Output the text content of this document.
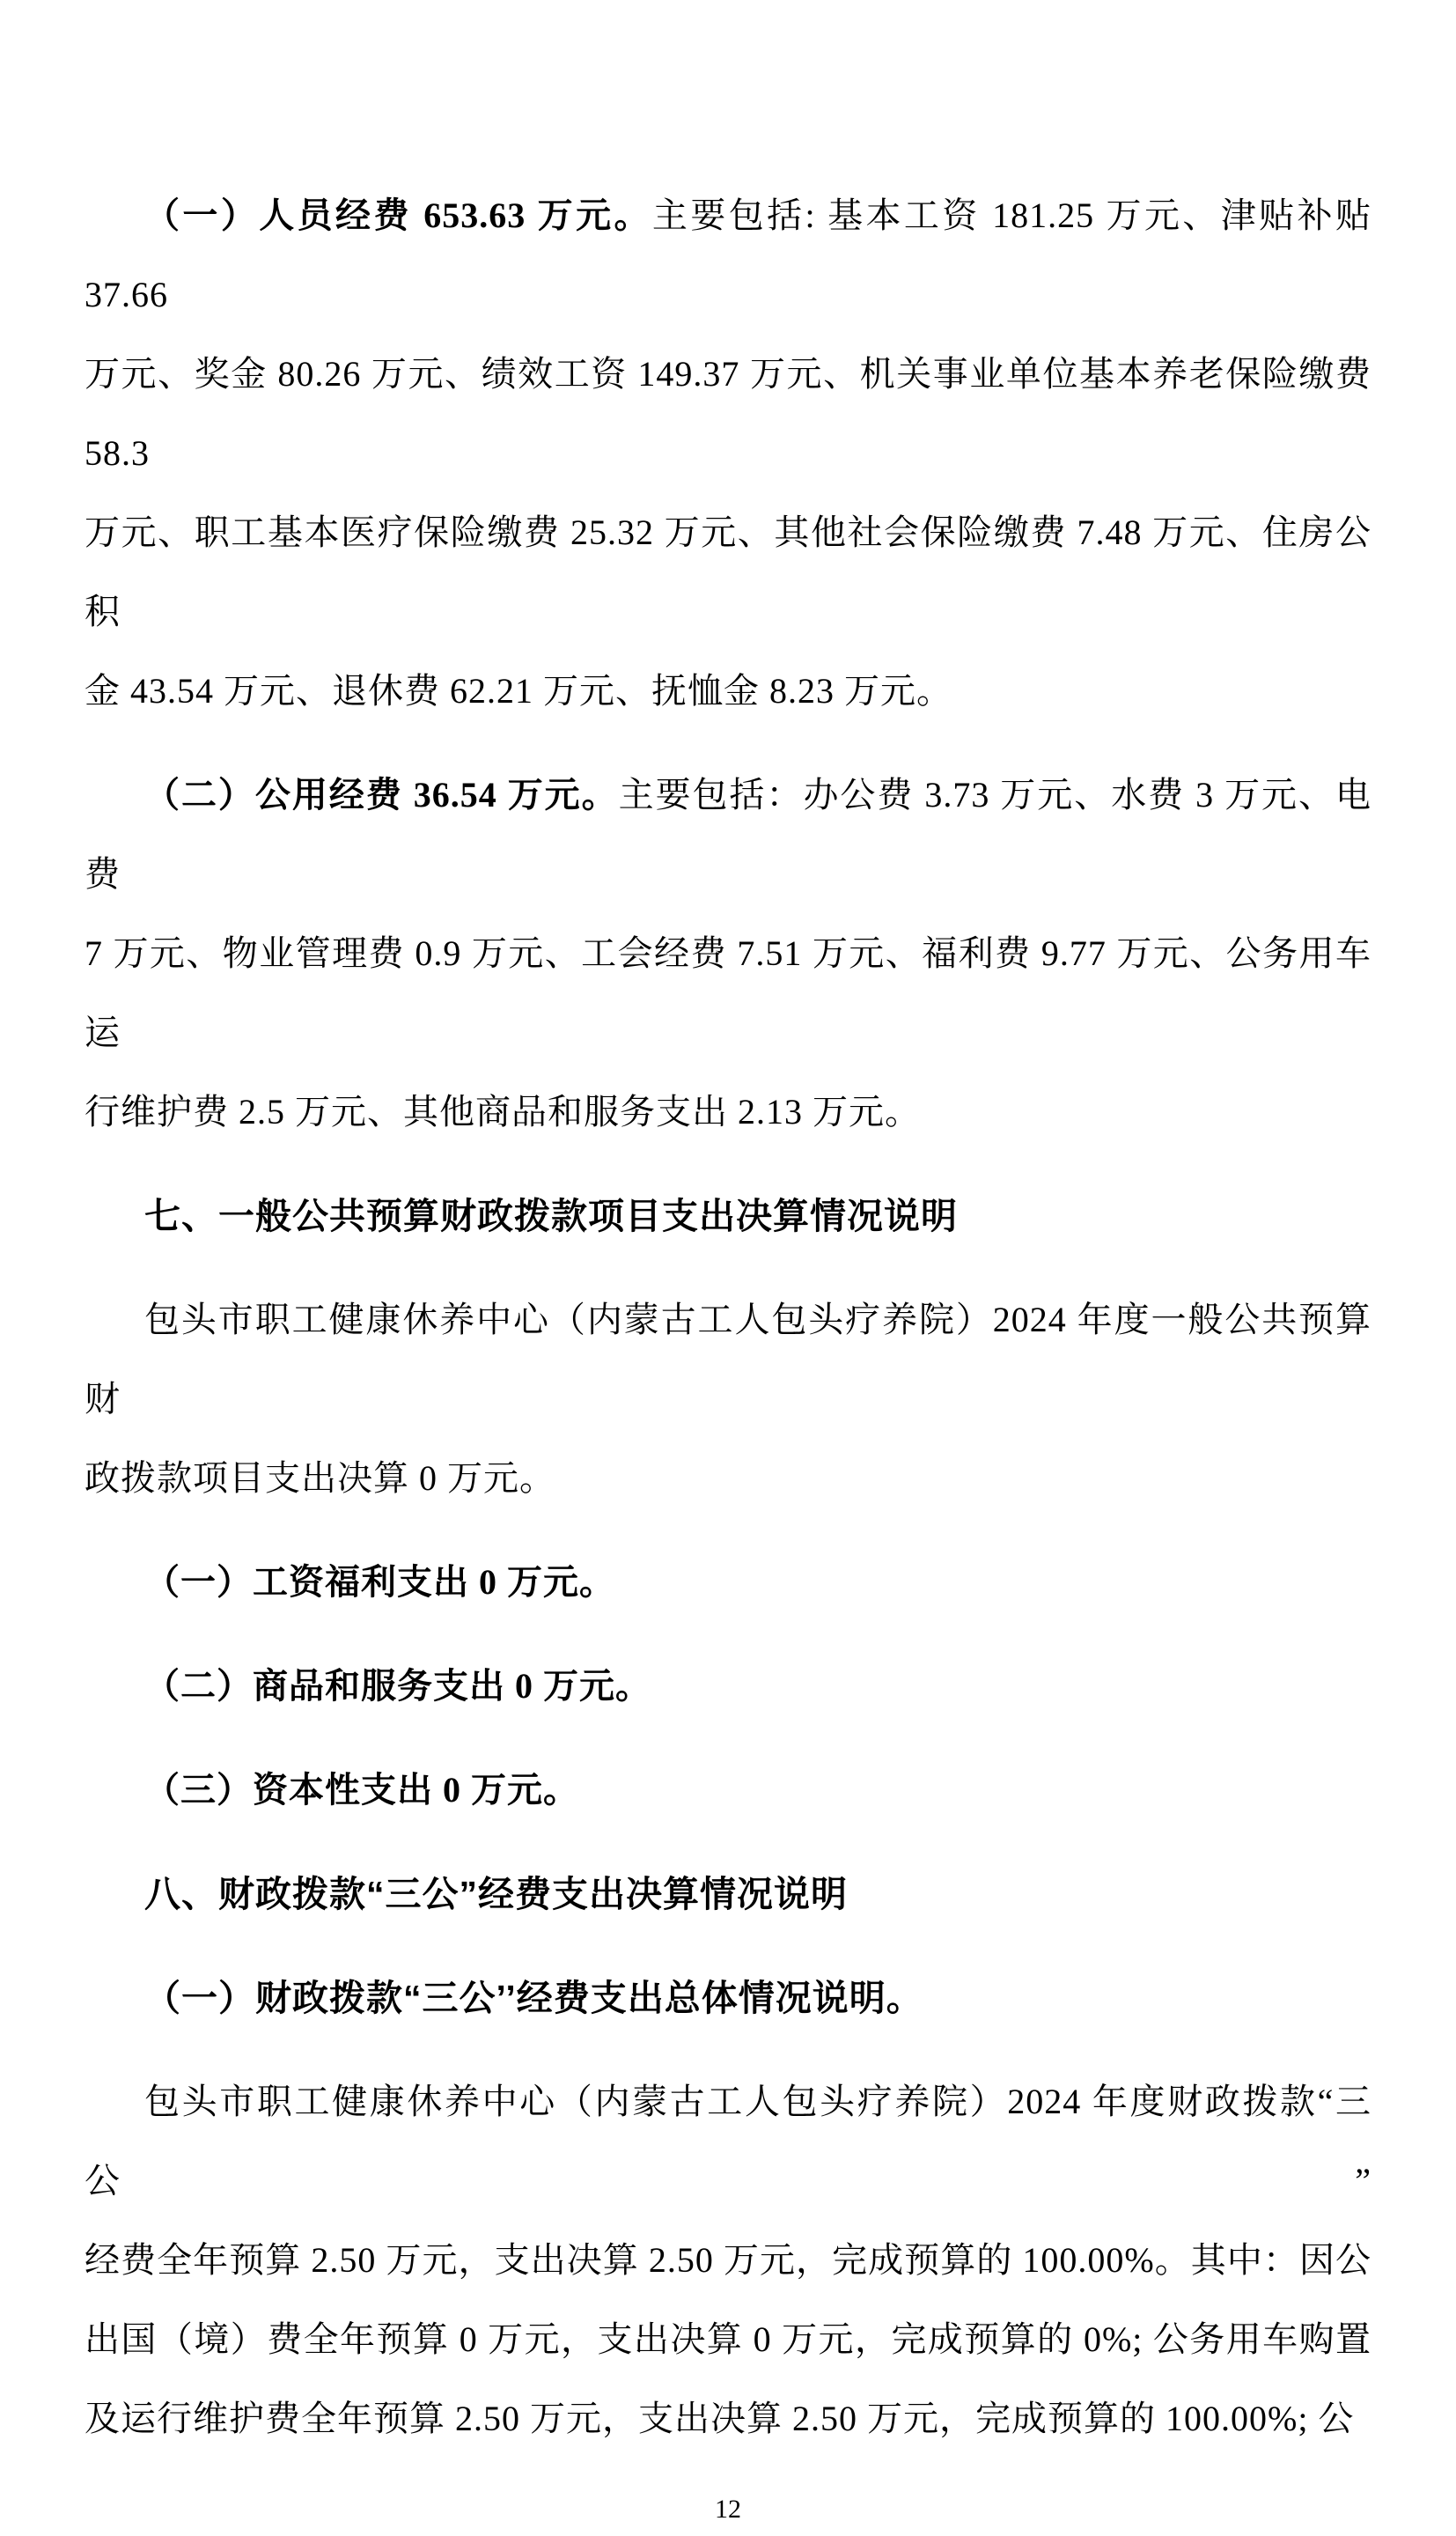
（一）人员经费 653.63 万元。主要包括: 基本工资 181.25 万元、津贴补贴 37.66
万元、奖金 80.26 万元、绩效工资 149.37 万元、机关事业单位基本养老保险缴费 58.3
万元、职工基本医疗保险缴费 25.32 万元、其他社会保险缴费 7.48 万元、住房公积
金 43.54 万元、退休费 62.21 万元、抚恤金 8.23 万元。

（二）公用经费 36.54 万元。主要包括：办公费 3.73 万元、水费 3 万元、电费
7 万元、物业管理费 0.9 万元、工会经费 7.51 万元、福利费 9.77 万元、公务用车运
行维护费 2.5 万元、其他商品和服务支出 2.13 万元。

七、一般公共预算财政拨款项目支出决算情况说明

包头市职工健康休养中心（内蒙古工人包头疗养院）2024 年度一般公共预算财
政拨款项目支出决算 0 万元。

（一）工资福利支出 0 万元。

（二）商品和服务支出 0 万元。

（三）资本性支出 0 万元。

八、财政拨款“三公”经费支出决算情况说明

（一）财政拨款“三公’’经费支出总体情况说明。

包头市职工健康休养中心（内蒙古工人包头疗养院）2024 年度财政拨款“三公”
经费全年预算 2.50 万元，支出决算 2.50 万元，完成预算的 100.00%。其中：因公
出国（境）费全年预算 0 万元，支出决算 0 万元，完成预算的 0%; 公务用车购置
及运行维护费全年预算 2.50 万元，支出决算 2.50 万元，完成预算的 100.00%; 公

12
